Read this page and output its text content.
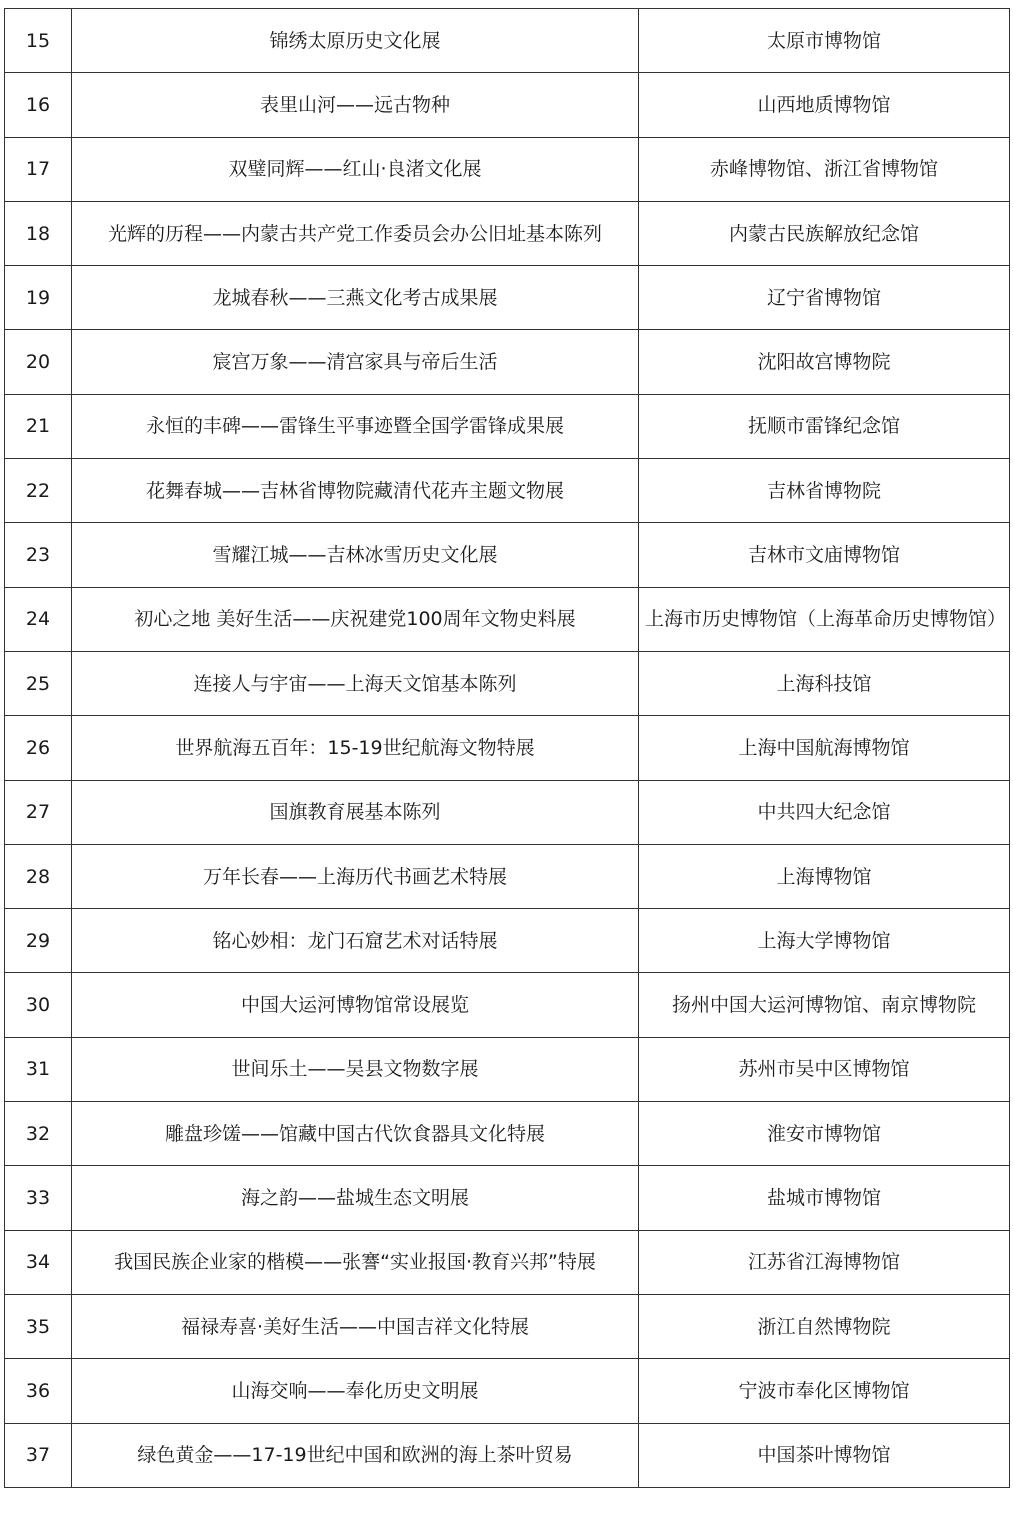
15	锦绣太原历史文化展	太原市博物馆
16	表里山河——远古物种	山西地质博物馆
17	双璧同辉——红山·良渚文化展	赤峰博物馆、浙江省博物馆
18	光辉的历程——内蒙古共产党工作委员会办公旧址基本陈列	内蒙古民族解放纪念馆
19	龙城春秋——三燕文化考古成果展	辽宁省博物馆
20	宸宫万象——清宫家具与帝后生活	沈阳故宫博物院
21	永恒的丰碑——雷锋生平事迹暨全国学雷锋成果展	抚顺市雷锋纪念馆
22	花舞春城——吉林省博物院藏清代花卉主题文物展	吉林省博物院
23	雪耀江城——吉林冰雪历史文化展	吉林市文庙博物馆
24	初心之地 美好生活——庆祝建党100周年文物史料展	上海市历史博物馆（上海革命历史博物馆）
25	连接人与宇宙——上海天文馆基本陈列	上海科技馆
26	世界航海五百年：15-19世纪航海文物特展	上海中国航海博物馆
27	国旗教育展基本陈列	中共四大纪念馆
28	万年长春——上海历代书画艺术特展	上海博物馆
29	铭心妙相：龙门石窟艺术对话特展	上海大学博物馆
30	中国大运河博物馆常设展览	扬州中国大运河博物馆、南京博物院
31	世间乐土——吴县文物数字展	苏州市吴中区博物馆
32	雕盘珍馐——馆藏中国古代饮食器具文化特展	淮安市博物馆
33	海之韵——盐城生态文明展	盐城市博物馆
34	我国民族企业家的楷模——张謇“实业报国·教育兴邦”特展	江苏省江海博物馆
35	福禄寿喜·美好生活——中国吉祥文化特展	浙江自然博物院
36	山海交响——奉化历史文明展	宁波市奉化区博物馆
37	绿色黄金——17-19世纪中国和欧洲的海上茶叶贸易	中国茶叶博物馆
